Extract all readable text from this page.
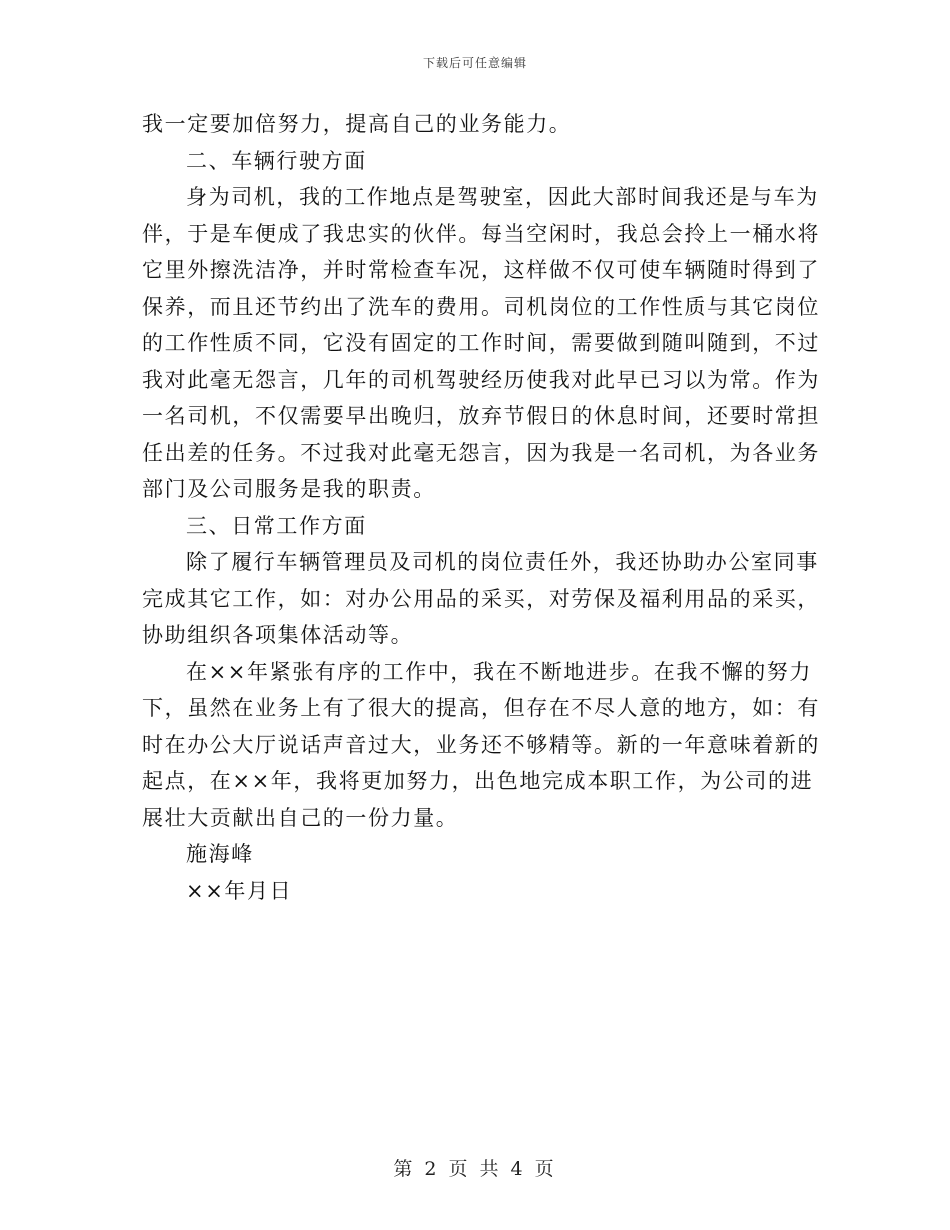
下载后可任意编辑
我一定要加倍努力，提高自己的业务能力。
二、车辆行驶方面
身为司机，我的工作地点是驾驶室，因此大部时间我还是与车为
伴，于是车便成了我忠实的伙伴。每当空闲时，我总会拎上一桶水将
它里外擦洗洁净，并时常检查车况，这样做不仅可使车辆随时得到了
保养，而且还节约出了洗车的费用。司机岗位的工作性质与其它岗位
的工作性质不同，它没有固定的工作时间，需要做到随叫随到，不过
我对此毫无怨言，几年的司机驾驶经历使我对此早已习以为常。作为
一名司机，不仅需要早出晚归，放弃节假日的休息时间，还要时常担
任出差的任务。不过我对此毫无怨言，因为我是一名司机，为各业务
部门及公司服务是我的职责。
三、日常工作方面
除了履行车辆管理员及司机的岗位责任外，我还协助办公室同事
完成其它工作，如：对办公用品的采买，对劳保及福利用品的采买，
协助组织各项集体活动等。
在××年紧张有序的工作中，我在不断地进步。在我不懈的努力
下，虽然在业务上有了很大的提高，但存在不尽人意的地方，如：有
时在办公大厅说话声音过大，业务还不够精等。新的一年意味着新的
起点，在××年，我将更加努力，出色地完成本职工作，为公司的进
展壮大贡献出自己的一份力量。
施海峰
××年月日
第 2 页 共 4 页
